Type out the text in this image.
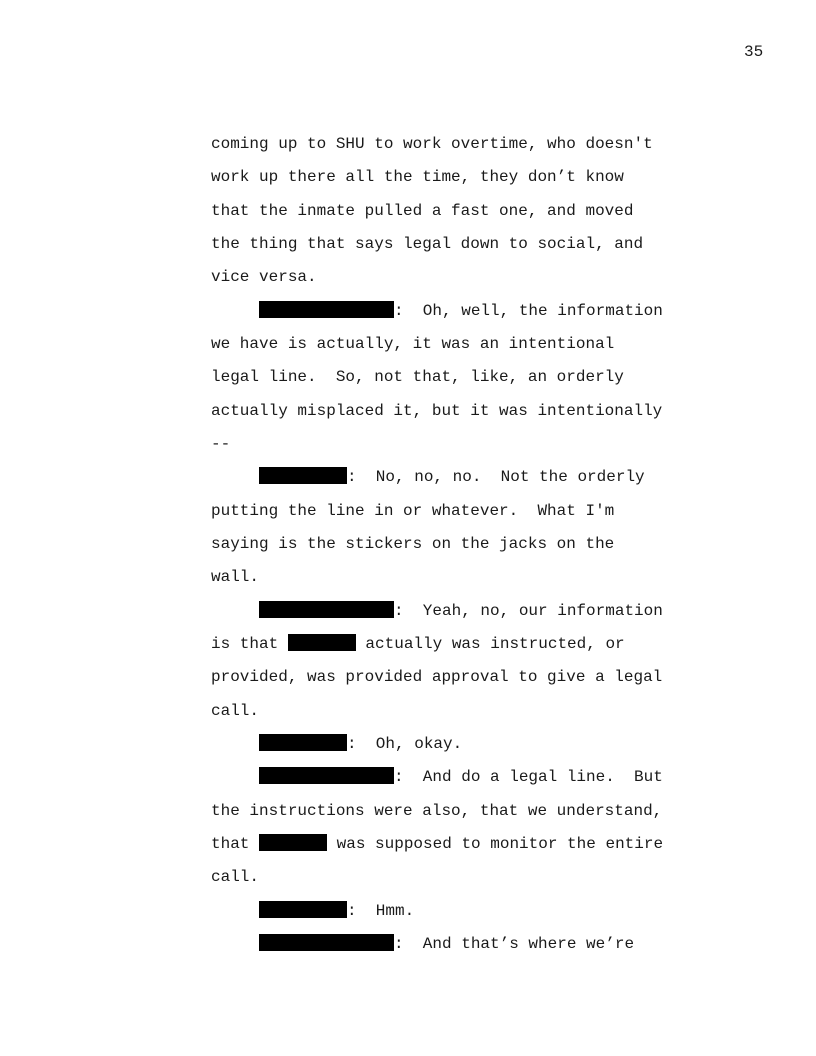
35

coming up to SHU to work overtime, who doesn't

work up there all the time, they don’t know

that the inmate pulled a fast one, and moved

the thing that says legal down to social, and

vice versa.

:  Oh, well, the information

we have is actually, it was an intentional

legal line.  So, not that, like, an orderly

actually misplaced it, but it was intentionally

--

:  No, no, no.  Not the orderly

putting the line in or whatever.  What I'm

saying is the stickers on the jacks on the

wall.

:  Yeah, no, our information

is that	actually was instructed, or

provided, was provided approval to give a legal

call.

:  Oh, okay.

:  And do a legal line.  But

the instructions were also, that we understand,

that	was supposed to monitor the entire

call.

:  Hmm.

:  And that’s where we’re
